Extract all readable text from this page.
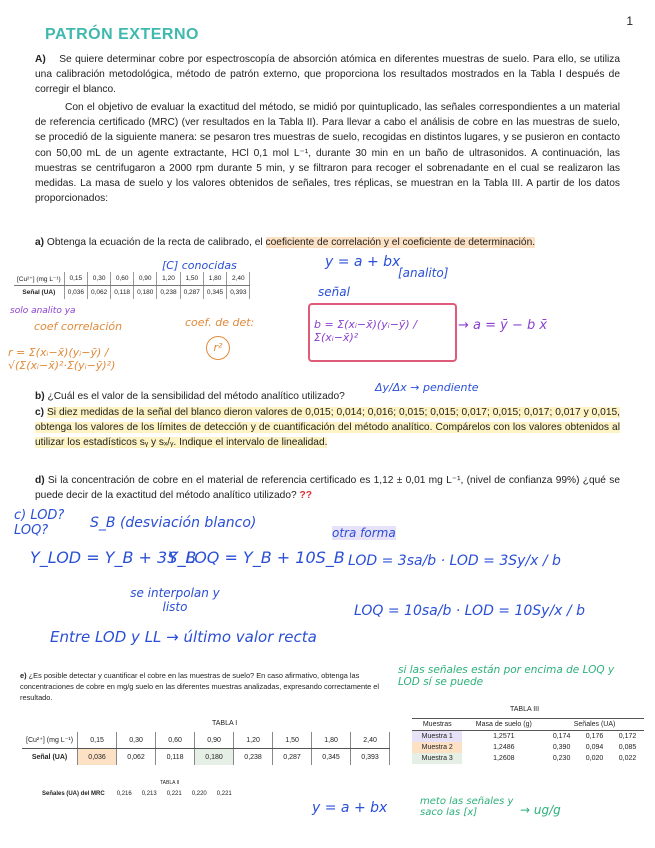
1
PATRÓN EXTERNO
A) Se quiere determinar cobre por espectroscopía de absorción atómica en diferentes muestras de suelo. Para ello, se utiliza una calibración metodológica, método de patrón externo, que proporciona los resultados mostrados en la Tabla I después de corregir el blanco.
Con el objetivo de evaluar la exactitud del método, se midió por quintuplicado, las señales correspondientes a un material de referencia certificado (MRC) (ver resultados en la Tabla II). Para llevar a cabo el análisis de cobre en las muestras de suelo, se procedió de la siguiente manera: se pesaron tres muestras de suelo, recogidas en distintos lugares, y se pusieron en contacto con 50,00 mL de un agente extractante, HCl 0,1 mol L⁻¹, durante 30 min en un baño de ultrasonidos. A continuación, las muestras se centrifugaron a 2000 rpm durante 5 min, y se filtraron para recoger el sobrenadante en el cual se realizaron las medidas. La masa de suelo y los valores obtenidos de señales, tres réplicas, se muestran en la Tabla III. A partir de los datos proporcionados:
a) Obtenga la ecuación de la recta de calibrado, el coeficiente de correlación y el coeficiente de determinación.
[Cu²⁺] (mg L⁻¹)	0,15	0,30	0,60	0,90	1,20	1,50	1,80	2,40
Señal (UA)	0,036	0,062	0,118	0,180	0,238	0,287	0,345	0,393
[C] conocidas	y = a + bx
[analito]
señal
solo analito ya
coef correlación
r = Σ(xᵢ−x̄)(yᵢ−ȳ) / √(Σ(xᵢ−x̄)²·Σ(yᵢ−ȳ)²)
coef. de det:
r²
b = Σ(xᵢ−x̄)(yᵢ−ȳ) / Σ(xᵢ−x̄)²
→ a = ȳ − b x̄
b) ¿Cuál es el valor de la sensibilidad del método analítico utilizado?
Δy/Δx → pendiente
c) Si diez medidas de la señal del blanco dieron valores de 0,015; 0,014; 0,016; 0,015; 0,015; 0,017; 0,015; 0,017; 0,017 y 0,015, obtenga los valores de los límites de detección y de cuantificación del método analítico. Compárelos con los valores obtenidos al utilizar los estadísticos sᵧ y sₓ/ᵧ. Indique el intervalo de linealidad.
d) Si la concentración de cobre en el material de referencia certificado es 1,12 ± 0,01 mg L⁻¹, (nivel de confianza 99%) ¿qué se puede decir de la exactitud del método analítico utilizado? ??
c) LOD? LOQ?	S_B (desviación blanco)
Y_LOD = Y_B + 3S_B
Y_LOQ = Y_B + 10S_B
se interpolan y listo
Entre LOD y LL → último valor recta
otra forma
LOD = 3sa/b · LOD = 3Sy/x / b
LOQ = 10sa/b · LOD = 10Sy/x / b
e) ¿Es posible detectar y cuantificar el cobre en las muestras de suelo? En caso afirmativo, obtenga las concentraciones de cobre en mg/g suelo en las diferentes muestras analizadas, expresando correctamente el resultado.
si las señales están por encima de LOQ y LOD sí se puede
TABLA I
[Cu²⁺] (mg L⁻¹)	0,15	0,30	0,60	0,90	1,20	1,50	1,80	2,40
Señal (UA)	0,036	0,062	0,118	0,180	0,238	0,287	0,345	0,393
TABLA II
Señales (UA) del MRC 0,216 0,213 0,221 0,220 0,221
TABLA III
Muestras	Masa de suelo (g)	Señales (UA)		
Muestra 1	1,2571	0,174	0,176	0,172
Muestra 2	1,2486	0,390	0,094	0,085
Muestra 3	1,2608	0,230	0,020	0,022
y = a + bx	meto las señales y saco las [x]	→ ug/g
